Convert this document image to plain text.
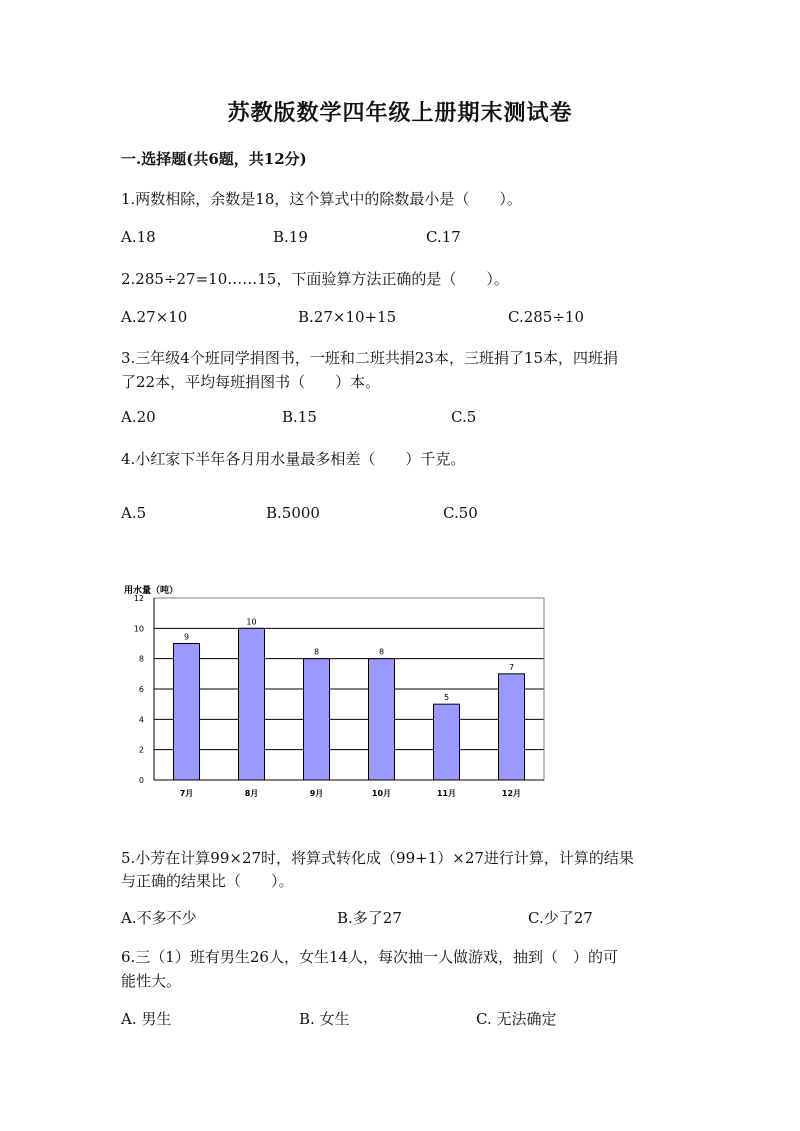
苏教版数学四年级上册期末测试卷
一.选择题(共6题，共12分)
1.两数相除，余数是18，这个算式中的除数最小是（　　）。
A.18	B.19	C.17
2.285÷27=10……15，下面验算方法正确的是（　　）。
A.27×10	B.27×10+15	C.285÷10
3.三年级4个班同学捐图书，一班和二班共捐23本，三班捐了15本，四班捐
了22本，平均每班捐图书（　　）本。
A.20	B.15	C.5
4.小红家下半年各月用水量最多相差（　　）千克。
A.5	B.5000	C.50
用水量（吨）
0
2
4
6
8
10
12
9
7月
10
8月
8
9月
8
10月
5
11月
7
12月
5.小芳在计算99×27时，将算式转化成（99+1）×27进行计算，计算的结果
与正确的结果比（　　）。
A.不多不少	B.多了27	C.少了27
6.三（1）班有男生26人，女生14人，每次抽一人做游戏，抽到（　）的可
能性大。
A. 男生	B. 女生	C. 无法确定
